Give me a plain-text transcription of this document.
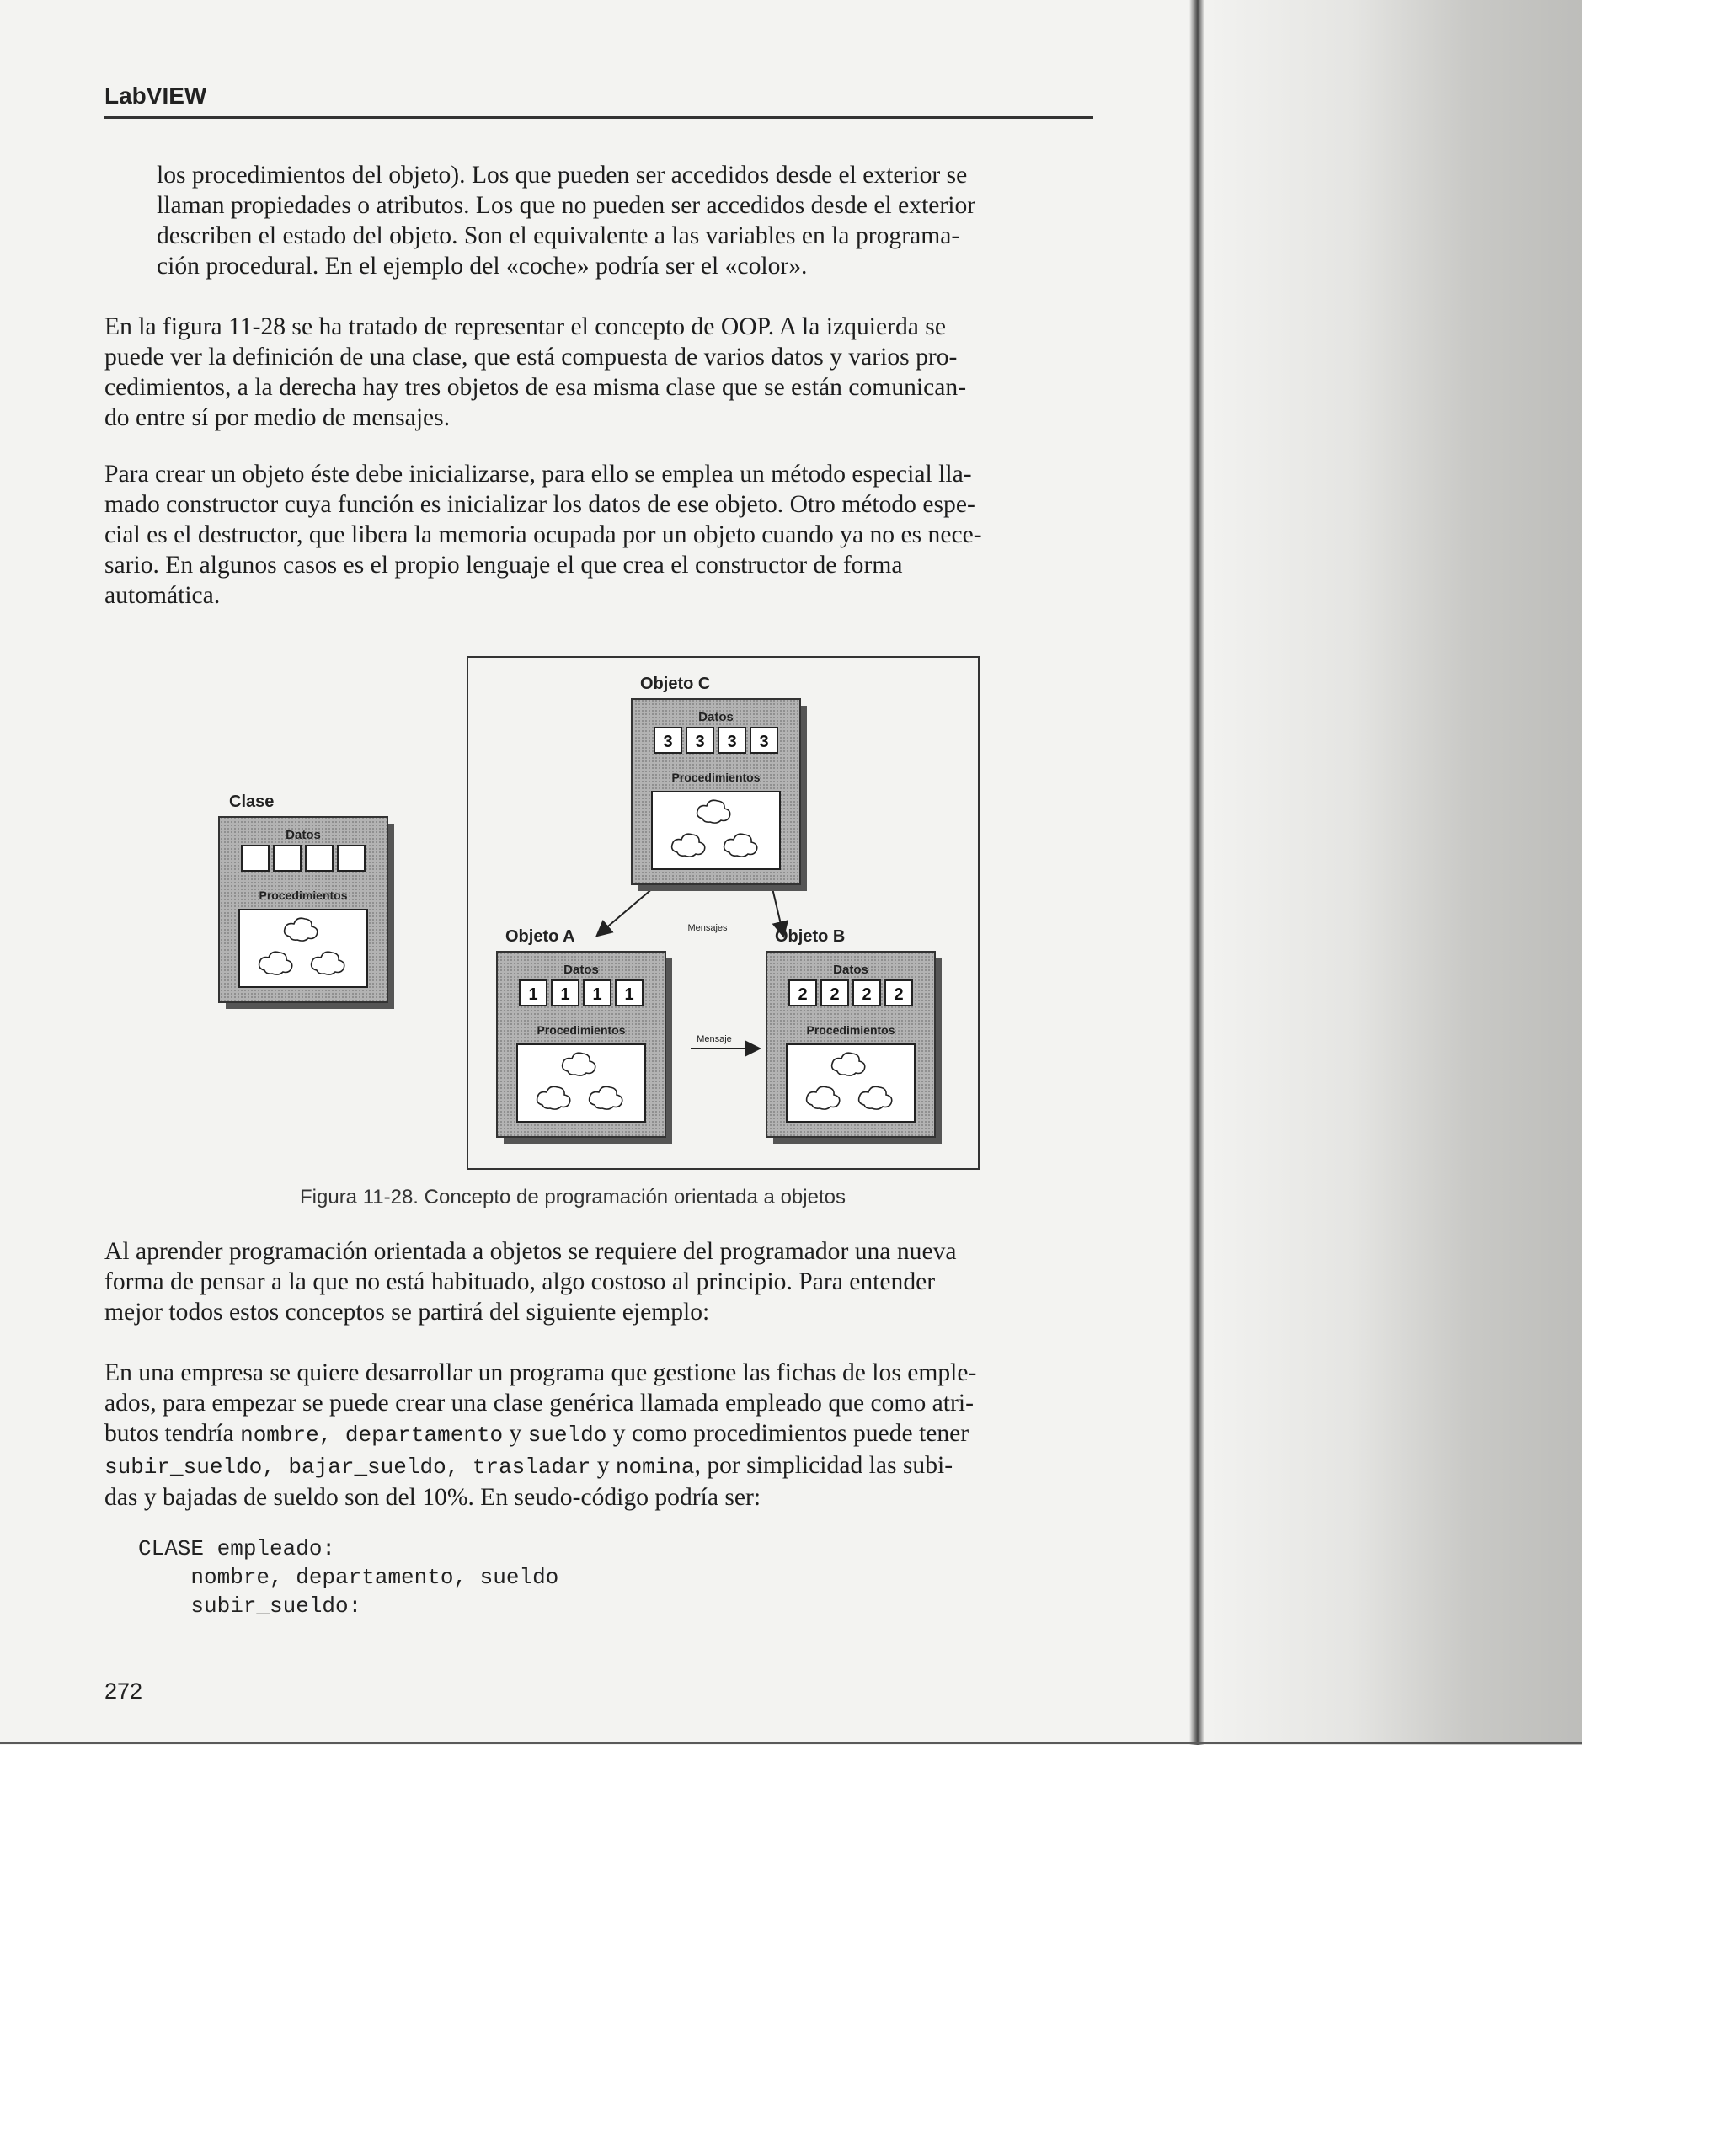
LabVIEW

los procedimientos del objeto). Los que pueden ser accedidos desde el exterior se
llaman propiedades o atributos. Los que no pueden ser accedidos desde el exterior
describen el estado del objeto. Son el equivalente a las variables en la programa-
ción procedural. En el ejemplo del «coche» podría ser el «color».

En la figura 11-28 se ha tratado de representar el concepto de OOP. A la izquierda se
puede ver la definición de una clase, que está compuesta de varios datos y varios pro-
cedimientos, a la derecha hay tres objetos de esa misma clase que se están comunican-
do entre sí por medio de mensajes.

Para crear un objeto éste debe inicializarse, para ello se emplea un método especial lla-
mado constructor cuya función es inicializar los datos de ese objeto. Otro método espe-
cial es el destructor, que libera la memoria ocupada por un objeto cuando ya no es nece-
sario. En algunos casos es el propio lenguaje el que crea el constructor de forma
automática.

Mensajes
Mensaje
Clase
Datos
Procedimientos
Objeto C
Datos
3 3 3 3
Procedimientos
Objeto A
Datos
1 1 1 1
Procedimientos
Objeto B
Datos
2 2 2 2
Procedimientos
Figura 11-28. Concepto de programación orientada a objetos

Al aprender programación orientada a objetos se requiere del programador una nueva
forma de pensar a la que no está habituado, algo costoso al principio. Para entender
mejor todos estos conceptos se partirá del siguiente ejemplo:

En una empresa se quiere desarrollar un programa que gestione las fichas de los emple-
ados, para empezar se puede crear una clase genérica llamada empleado que como atri-
butos tendría nombre, departamento y sueldo y como procedimientos puede tener
subir_sueldo, bajar_sueldo, trasladar y nomina, por simplicidad las subi-
das y bajadas de sueldo son del 10%. En seudo-código podría ser:

CLASE empleado:
nombre, departamento, sueldo
subir_sueldo:
272
